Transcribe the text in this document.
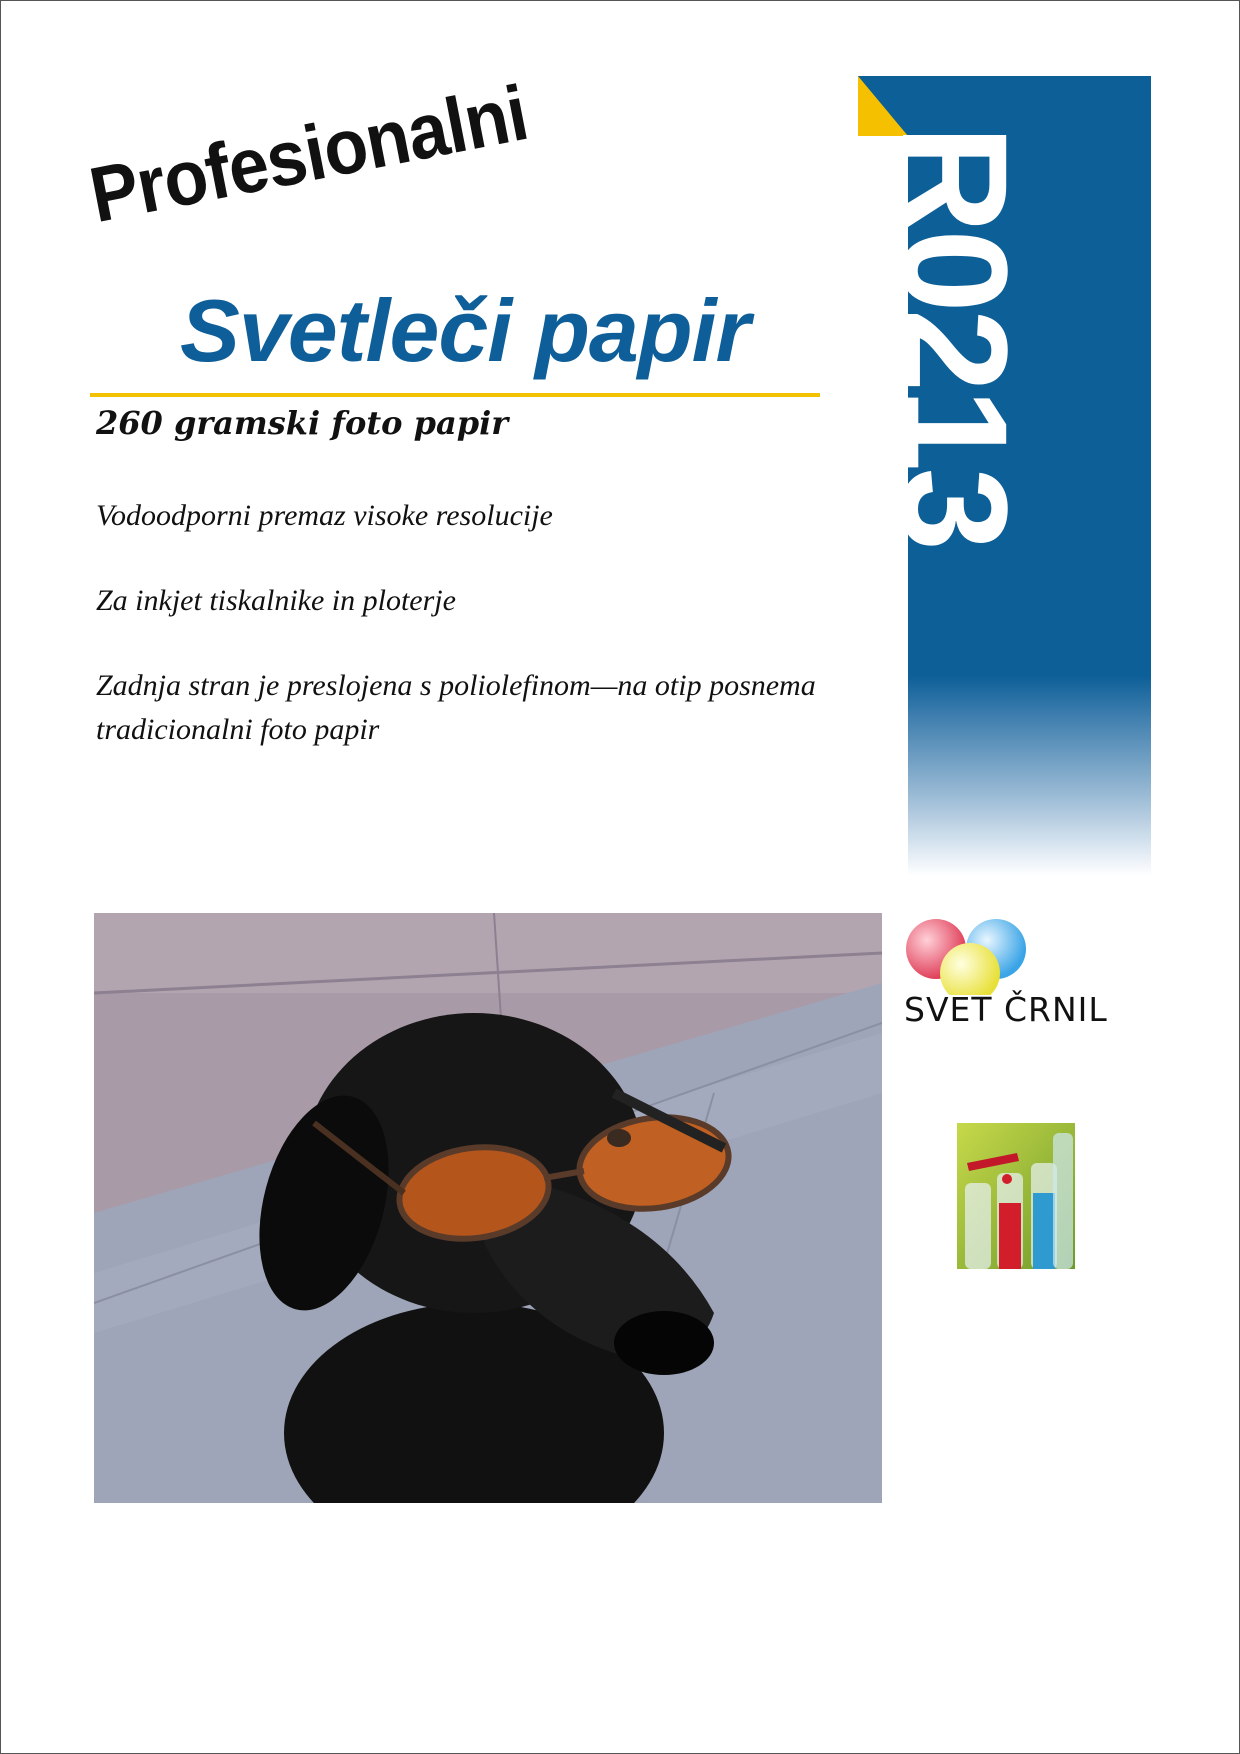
Profesionalni
Svetleči papir
260 gramski foto papir
Vodoodporni premaz visoke resolucije
Za inkjet tiskalnike in ploterje
Zadnja stran je preslojena s poliolefinom—na otip posnema tradicionalni foto papir
R0213
SVET ČRNIL
